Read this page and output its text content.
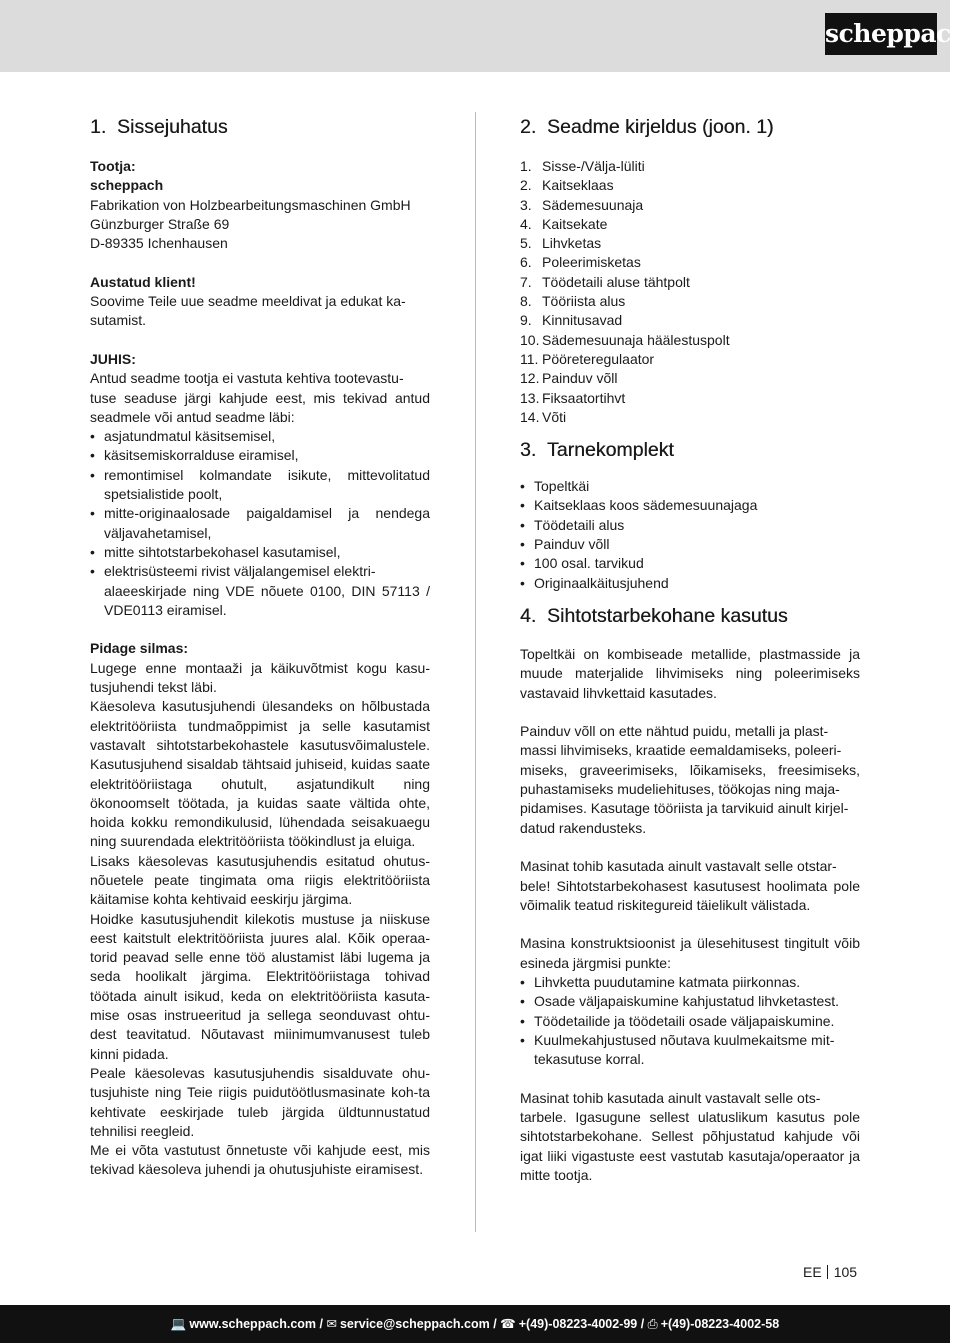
scheppach
1. Sissejuhatus

Tootja:

scheppach

Fabrikation von Holzbearbeitungsmaschinen GmbH

Günzburger Straße 69

D-89335 Ichenhausen

Austatud klient!

Soovime Teile uue seadme meeldivat ja edukat ka-
sutamist.

JUHIS:

Antud seadme tootja ei vastuta kehtiva tootevastu-
tuse seaduse järgi kahjude eest, mis tekivad antud seadmele või antud seadme läbi:

• asjatundmatul käsitsemisel,
• käsitsemiskorralduse eiramisel,
• remontimisel kolmandate isikute, mittevolitatud spetsialistide poolt,
• mitte-originaalosade paigaldamisel ja nendega väljavahetamisel,
• mitte sihtotstarbekohasel kasutamisel,
• elektrisüsteemi rivist väljalangemisel elektri-
alaeeskirjade ning VDE nõuete 0100, DIN 57113 / VDE0113 eiramisel.

Pidage silmas:

Lugege enne montaaži ja käikuvõtmist kogu kasu-tusjuhendi tekst läbi.

Käesoleva kasutusjuhendi ülesandeks on hõlbustada elektritööriista tundmaõppimist ja selle kasutamist vastavalt sihtotstarbekohastele kasutusvõimalustele. Kasutusjuhend sisaldab tähtsaid juhiseid, kuidas saate elektritööriistaga ohutult, asjatundikult ning ökonoomselt töötada, ja kuidas saate vältida ohte, hoida kokku remondikulusid, lühendada seisakuaegu ning suurendada elektritööriista töökindlust ja eluiga.

Lisaks käesolevas kasutusjuhendis esitatud ohutus-nõuetele peate tingimata oma riigis elektritööriista käitamise kohta kehtivaid eeskirju järgima.

Hoidke kasutusjuhendit kilekotis mustuse ja niiskuse eest kaitstult elektritööriista juures alal. Kõik operaa-torid peavad selle enne töö alustamist läbi lugema ja seda hoolikalt järgima. Elektritööriistaga tohivad töötada ainult isikud, keda on elektritööriista kasuta-mise osas instrueeritud ja sellega seonduvast ohtu-dest teavitatud. Nõutavast miinimumvanusest tuleb kinni pidada.

Peale käesolevas kasutusjuhendis sisalduvate ohu-tusjuhiste ning Teie riigis puidutöötlusmasinate koh-ta kehtivate eeskirjade tuleb järgida üldtunnustatud tehnilisi reegleid.

Me ei võta vastutust õnnetuste või kahjude eest, mis tekivad käesoleva juhendi ja ohutusjuhiste eiramisest.

2. Seadme kirjeldus (joon. 1)
1. Sisse-/Välja-lüliti
2. Kaitseklaas
3. Sädemesuunaja
4. Kaitsekate
5. Lihvketas
6. Poleerimisketas
7. Töödetaili aluse tähtpolt
8. Tööriista alus
9. Kinnitusavad
10. Sädemesuunaja häälestuspolt
11. Pööreteregulaator
12. Painduv võll
13. Fiksaatortihvt
14. Võti
3. Tarnekomplekt
• Topeltkäi
• Kaitseklaas koos sädemesuunajaga
• Töödetaili alus
• Painduv võll
• 100 osal. tarvikud
• Originaalkäitusjuhend
4. Sihtotstarbekohane kasutus

Topeltkäi on kombiseade metallide, plastmasside ja muude materjalide lihvimiseks ning poleerimiseks vastavaid lihvkettaid kasutades.

Painduv võll on ette nähtud puidu, metalli ja plast-
massi lihvimiseks, kraatide eemaldamiseks, poleeri-
miseks, graveerimiseks, lõikamiseks, freesimiseks, puhastamiseks mudeliehituses, töökojas ning maja-
pidamises. Kasutage tööriista ja tarvikuid ainult kirjel-
datud rakendusteks.

Masinat tohib kasutada ainult vastavalt selle otstar-
bele! Sihtotstarbekohasest kasutusest hoolimata pole võimalik teatud riskitegureid täielikult välistada.

Masina konstruktsioonist ja ülesehitusest tingitult võib esineda järgmisi punkte:

• Lihvketta puudutamine katmata piirkonnas.
• Osade väljapaiskumine kahjustatud lihvketastest.
• Töödetailide ja töödetaili osade väljapaiskumine.
• Kuulmekahjustused nõutava kuulmekaitsme mit-
tekasutuse korral.

Masinat tohib kasutada ainult vastavalt selle ots-
tarbele. Igasugune sellest ulatuslikum kasutus pole sihtotstarbekohane. Sellest põhjustatud kahjude või igat liiki vigastuste eest vastutab kasutaja/operaator ja mitte tootja.

EE 105
💻 www.scheppach.com / ✉ service@scheppach.com / ☎ +(49)-08223-4002-99 / ⎙ +(49)-08223-4002-58
